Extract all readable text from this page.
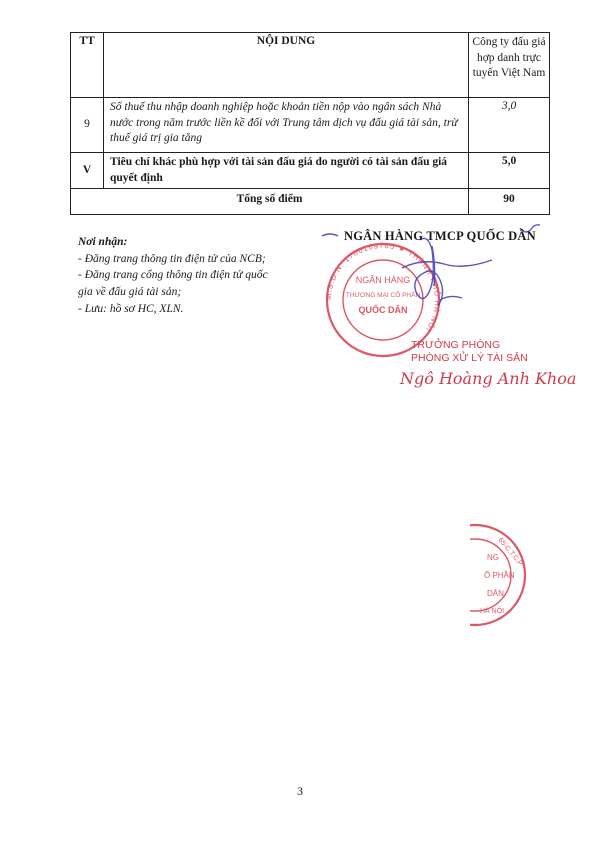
TT	NỘI DUNG	Công ty đấu giá hợp danh trực tuyến Việt Nam
9	Số thuế thu nhập doanh nghiệp hoặc khoản tiền nộp vào ngân sách Nhà nước trong năm trước liền kề đối với Trung tâm dịch vụ đấu giá tài sản, trừ thuế giá trị gia tăng	3,0
V	Tiêu chí khác phù hợp với tài sản đấu giá do người có tài sản đấu giá quyết định	5,0
Tổng số điểm		90
Nơi nhận:
- Đăng trang thông tin điện tử của NCB;
- Đăng trang cổng thông tin điện tử quốc gia về đấu giá tài sản;
- Lưu: hồ sơ HC, XLN.
NGÂN HÀNG
THƯƠNG MẠI CỔ PHẦN
QUỐC DÂN
M.S.D.N: 1700169765 ★ THÀNH PHỐ HÀ NỘI
NG
Ổ PHẦN
DÂN
65-C.T.C.P
HÀ NỘI
NGÂN HÀNG TMCP QUỐC DÂN
TRƯỞNG PHÒNG
PHÒNG XỬ LÝ TÀI SẢN
Ngô Hoàng Anh Khoa
3
